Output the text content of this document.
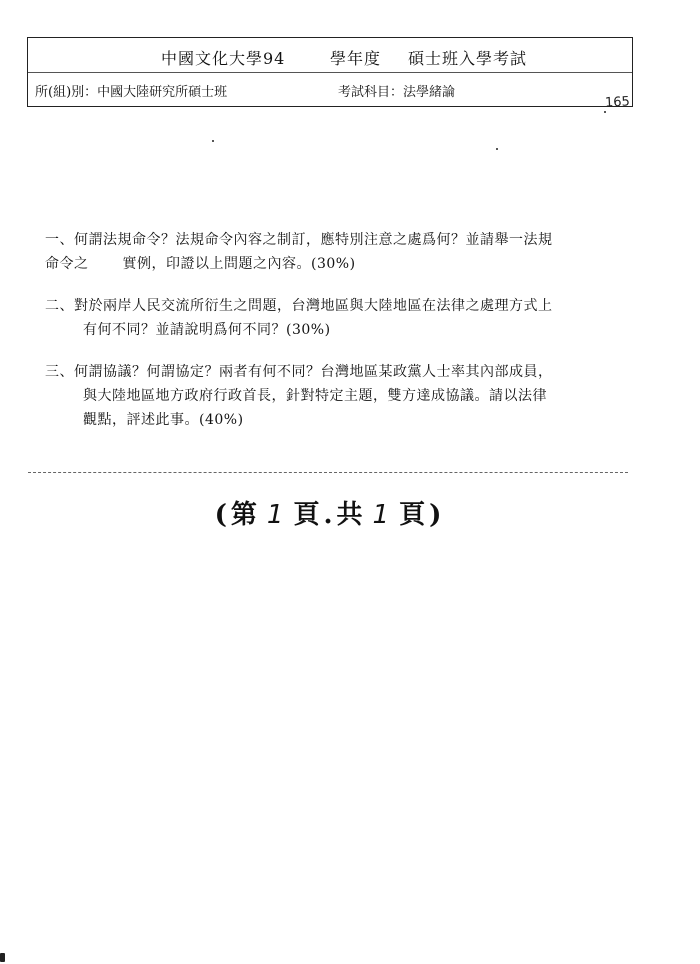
中國文化大學94	學年度 碩士班入學考試
所(組)別：中國大陸研究所碩士班	考試科目：法學緒論
165
一、何謂法規命令？法規命令內容之制訂，應特別注意之處爲何？並請舉一法規
命令之 實例，印證以上問題之內容。(30%)
二、對於兩岸人民交流所衍生之問題，台灣地區與大陸地區在法律之處理方式上
有何不同？並請說明爲何不同？(30%)
三、何謂協議？何謂協定？兩者有何不同？台灣地區某政黨人士率其內部成員，
與大陸地區地方政府行政首長，針對特定主題，雙方達成協議。請以法律
觀點，評述此事。(40%)
(第 1 頁.共 1 頁)
